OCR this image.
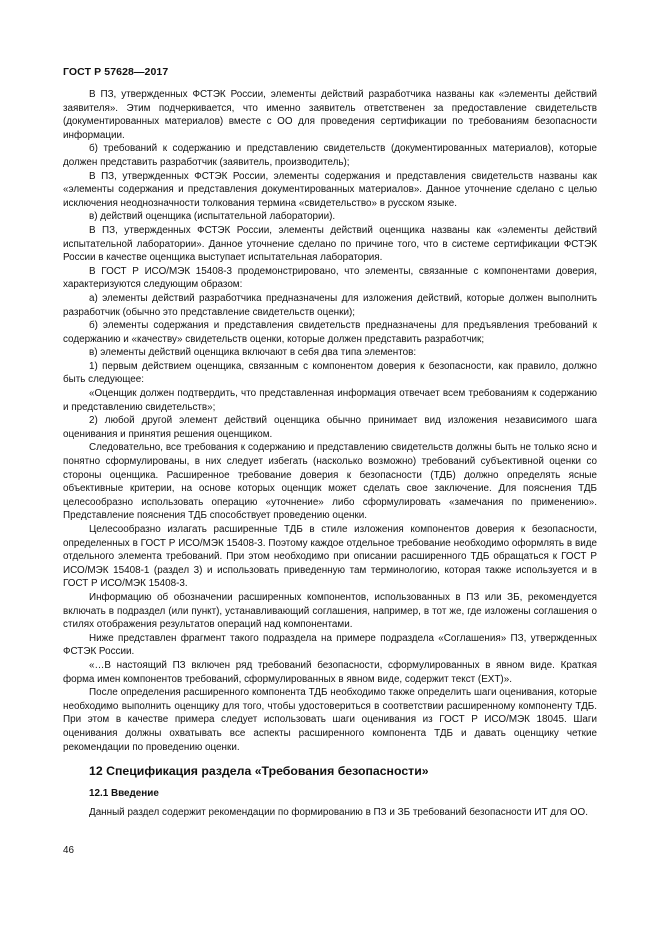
ГОСТ Р 57628—2017

В ПЗ, утвержденных ФСТЭК России, элементы действий разработчика названы как «элементы действий заявителя». Этим подчеркивается, что именно заявитель ответственен за предоставление свидетельств (документированных материалов) вместе с ОО для проведения сертификации по требованиям безопасности информации.

б) требований к содержанию и представлению свидетельств (документированных материалов), которые должен представить разработчик (заявитель, производитель);

В ПЗ, утвержденных ФСТЭК России, элементы содержания и представления свидетельств названы как «элементы содержания и представления документированных материалов». Данное уточнение сделано с целью исключения неоднозначности толкования термина «свидетельство» в русском языке.

в) действий оценщика (испытательной лаборатории).

В ПЗ, утвержденных ФСТЭК России, элементы действий оценщика названы как «элементы действий испытательной лаборатории». Данное уточнение сделано по причине того, что в системе сертификации ФСТЭК России в качестве оценщика выступает испытательная лаборатория.

В ГОСТ Р ИСО/МЭК 15408-3 продемонстрировано, что элементы, связанные с компонентами доверия, характеризуются следующим образом:

а) элементы действий разработчика предназначены для изложения действий, которые должен выполнить разработчик (обычно это представление свидетельств оценки);

б) элементы содержания и представления свидетельств предназначены для предъявления требований к содержанию и «качеству» свидетельств оценки, которые должен представить разработчик;

в) элементы действий оценщика включают в себя два типа элементов:

1) первым действием оценщика, связанным с компонентом доверия к безопасности, как правило, должно быть следующее:

«Оценщик должен подтвердить, что представленная информация отвечает всем требованиям к содержанию и представлению свидетельств»;

2) любой другой элемент действий оценщика обычно принимает вид изложения независимого шага оценивания и принятия решения оценщиком.

Следовательно, все требования к содержанию и представлению свидетельств должны быть не только ясно и понятно сформулированы, в них следует избегать (насколько возможно) требований субъективной оценки со стороны оценщика. Расширенное требование доверия к безопасности (ТДБ) должно определять ясные объективные критерии, на основе которых оценщик может сделать свое заключение. Для пояснения ТДБ целесообразно использовать операцию «уточнение» либо сформулировать «замечания по применению». Представление пояснения ТДБ способствует проведению оценки.

Целесообразно излагать расширенные ТДБ в стиле изложения компонентов доверия к безопасности, определенных в ГОСТ Р ИСО/МЭК 15408-3. Поэтому каждое отдельное требование необходимо оформлять в виде отдельного элемента требований. При этом необходимо при описании расширенного ТДБ обращаться к ГОСТ Р ИСО/МЭК 15408-1 (раздел 3) и использовать приведенную там терминологию, которая также используется и в ГОСТ Р ИСО/МЭК 15408-3.

Информацию об обозначении расширенных компонентов, использованных в ПЗ или ЗБ, рекомендуется включать в подраздел (или пункт), устанавливающий соглашения, например, в тот же, где изложены соглашения о стилях отображения результатов операций над компонентами.

Ниже представлен фрагмент такого подраздела на примере подраздела «Соглашения» ПЗ, утвержденных ФСТЭК России.

«…В настоящий ПЗ включен ряд требований безопасности, сформулированных в явном виде. Краткая форма имен компонентов требований, сформулированных в явном виде, содержит текст (EXT)».

После определения расширенного компонента ТДБ необходимо также определить шаги оценивания, которые необходимо выполнить оценщику для того, чтобы удостовериться в соответствии расширенному компоненту ТДБ. При этом в качестве примера следует использовать шаги оценивания из ГОСТ Р ИСО/МЭК 18045. Шаги оценивания должны охватывать все аспекты расширенного компонента ТДБ и давать оценщику четкие рекомендации по проведению оценки.

12 Спецификация раздела «Требования безопасности»
12.1 Введение

Данный раздел содержит рекомендации по формированию в ПЗ и ЗБ требований безопасности ИТ для ОО.

46
